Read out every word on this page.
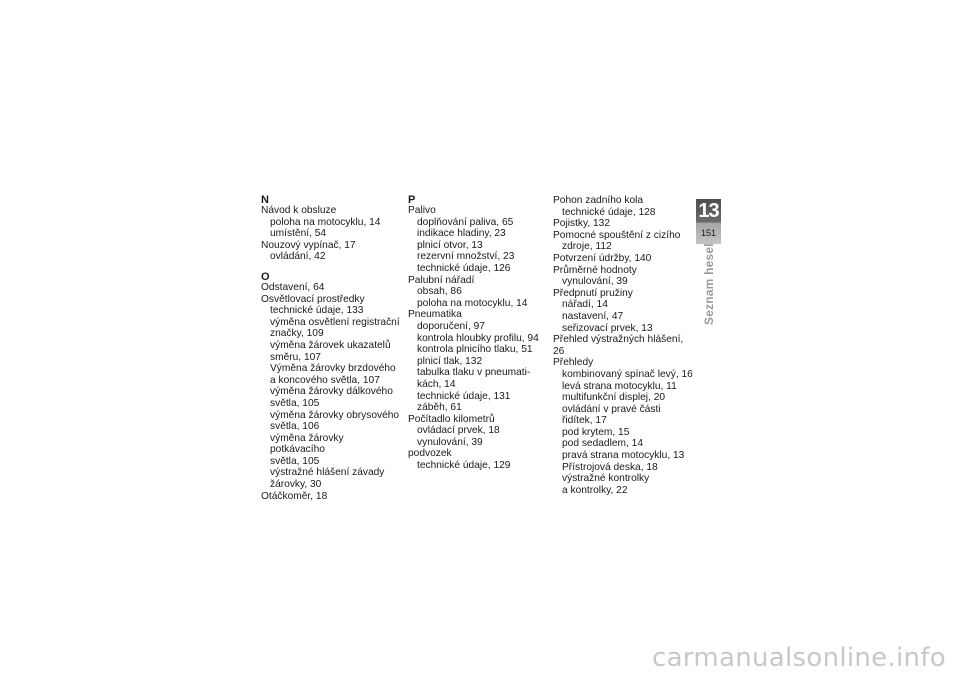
N
Návod k obsluze
poloha na motocyklu, 14
umístění, 54
Nouzový vypínač, 17
ovládání, 42
O
Odstavení, 64
Osvětlovací prostředky
technické údaje, 133
výměna osvětlení registrační
značky, 109
výměna žárovek ukazatelů
směru, 107
Výměna žárovky brzdového
a koncového světla, 107
výměna žárovky dálkového
světla, 105
výměna žárovky obrysového
světla, 106
výměna žárovky potkávacího
světla, 105
výstražné hlášení závady
žárovky, 30
Otáčkoměr, 18
P
Palivo
doplňování paliva, 65
indikace hladiny, 23
plnicí otvor, 13
rezervní množství, 23
technické údaje, 126
Palubní nářadí
obsah, 86
poloha na motocyklu, 14
Pneumatika
doporučení, 97
kontrola hloubky profilu, 94
kontrola plnicího tlaku, 51
plnicí tlak, 132
tabulka tlaku v pneumati-
kách, 14
technické údaje, 131
záběh, 61
Počítadlo kilometrů
ovládací prvek, 18
vynulování, 39
podvozek
technické údaje, 129
Pohon zadního kola
technické údaje, 128
Pojistky, 132
Pomocné spouštění z cizího
zdroje, 112
Potvrzení údržby, 140
Průměrné hodnoty
vynulování, 39
Předpnutí pružiny
nářadí, 14
nastavení, 47
seřizovací prvek, 13
Přehled výstražných hlášení, 26
Přehledy
kombinovaný spínač levý, 16
levá strana motocyklu, 11
multifunkční displej, 20
ovládání v pravé části
řidítek, 17
pod krytem, 15
pod sedadlem, 14
pravá strana motocyklu, 13
Přístrojová deska, 18
výstražné kontrolky
a kontrolky, 22
13
151
Seznam hesel
carmanualsonline.info
